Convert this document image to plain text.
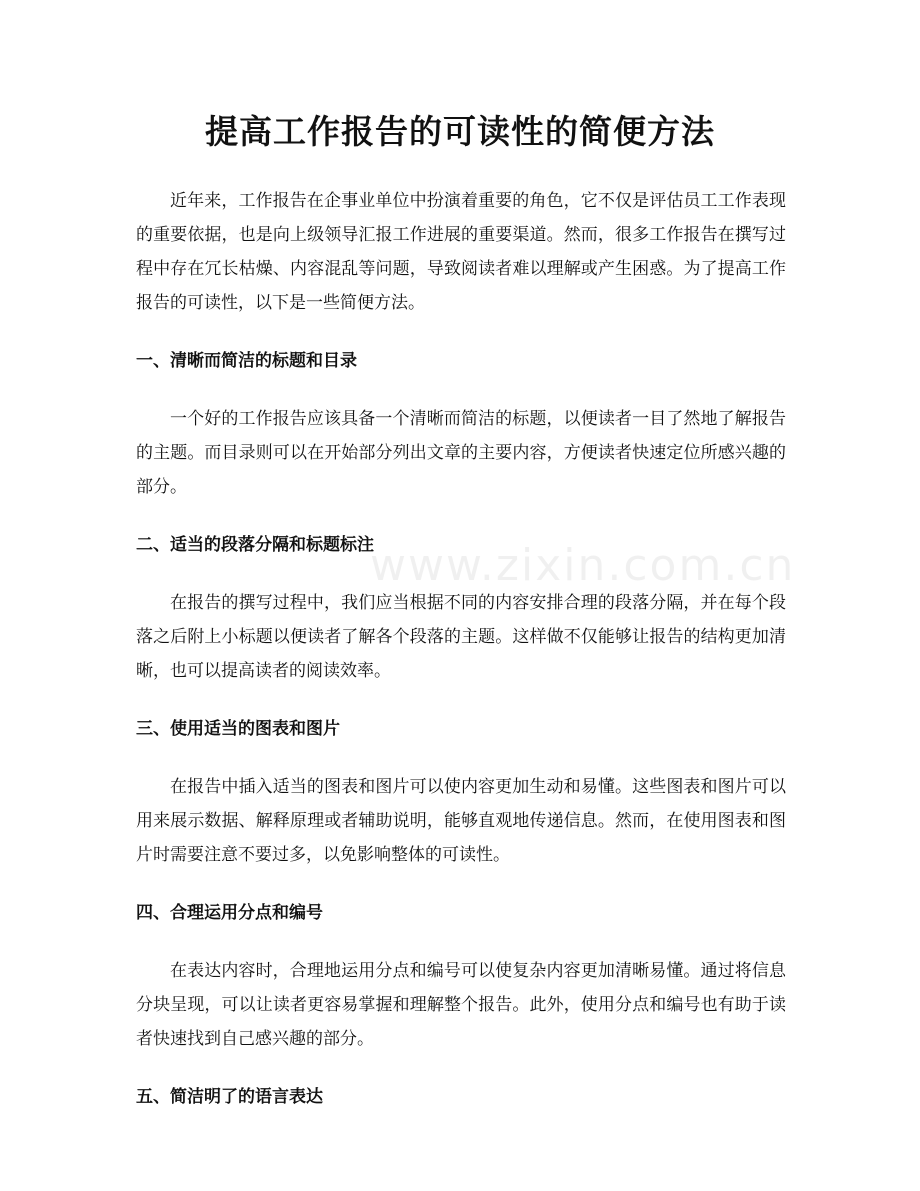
提高工作报告的可读性的简便方法

近年来，工作报告在企事业单位中扮演着重要的角色，它不仅是评估员工工作表现的重要依据，也是向上级领导汇报工作进展的重要渠道。然而，很多工作报告在撰写过程中存在冗长枯燥、内容混乱等问题，导致阅读者难以理解或产生困惑。为了提高工作报告的可读性，以下是一些简便方法。

一、清晰而简洁的标题和目录

一个好的工作报告应该具备一个清晰而简洁的标题，以便读者一目了然地了解报告的主题。而目录则可以在开始部分列出文章的主要内容，方便读者快速定位所感兴趣的部分。

二、适当的段落分隔和标题标注

在报告的撰写过程中，我们应当根据不同的内容安排合理的段落分隔，并在每个段落之后附上小标题以便读者了解各个段落的主题。这样做不仅能够让报告的结构更加清晰，也可以提高读者的阅读效率。

三、使用适当的图表和图片

在报告中插入适当的图表和图片可以使内容更加生动和易懂。这些图表和图片可以用来展示数据、解释原理或者辅助说明，能够直观地传递信息。然而，在使用图表和图片时需要注意不要过多，以免影响整体的可读性。

四、合理运用分点和编号

在表达内容时，合理地运用分点和编号可以使复杂内容更加清晰易懂。通过将信息分块呈现，可以让读者更容易掌握和理解整个报告。此外，使用分点和编号也有助于读者快速找到自己感兴趣的部分。

五、简洁明了的语言表达
www.zixin.com.cn
